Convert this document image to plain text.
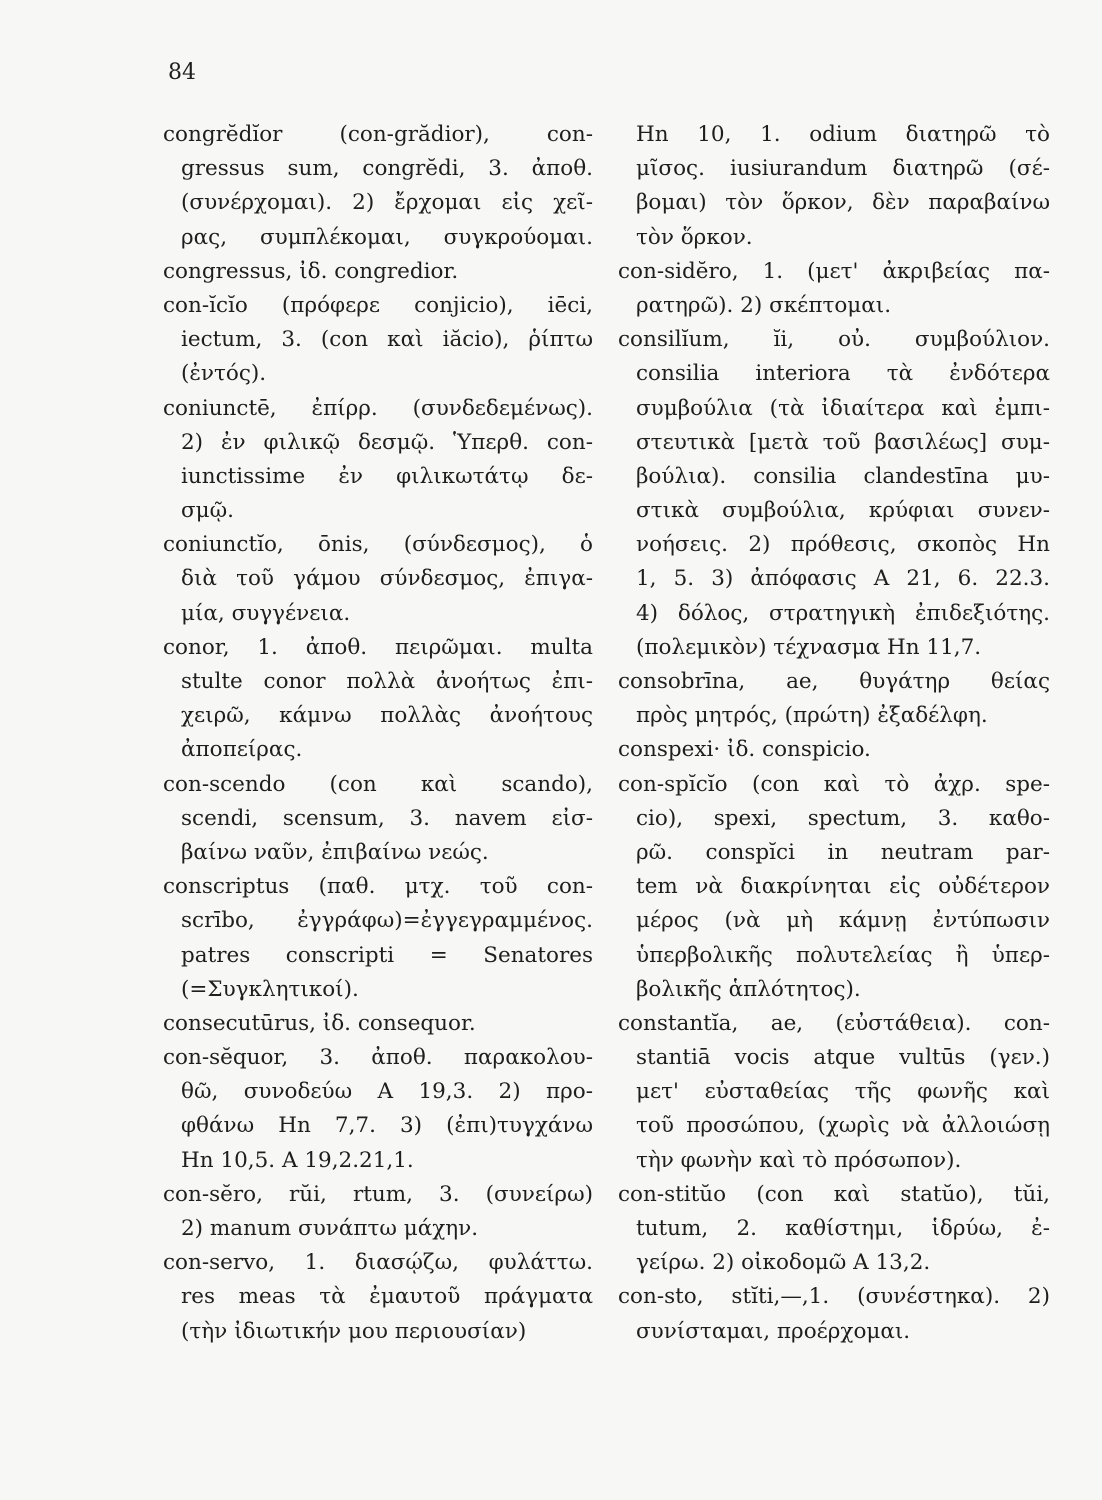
84
congrĕdĭor (con-grădior), con-
gressus sum, congrĕdi, 3. ἀποθ.
(συνέρχομαι). 2) ἔρχομαι εἰς χεῖ-
ρας, συμπλέκομαι, συγκρούομαι.
congressus, ἰδ. congredior.
con-ĭcĭo (πρόφερε conjicio), iēci,
iectum, 3. (con καὶ iăcio), ῥίπτω
(ἐντός).
coniunctē, ἐπίρρ. (συνδεδεμένως).
2) ἐν φιλικῷ δεσμῷ. Ὑπερθ. con-
iunctissime ἐν φιλικωτάτῳ δε-
σμῷ.
coniunctĭo, ōnis, (σύνδεσμος), ὁ
διὰ τοῦ γάμου σύνδεσμος, ἐπιγα-
μία, συγγένεια.
conor, 1. ἀποθ. πειρῶμαι. multa
stulte conor πολλὰ ἀνοήτως ἐπι-
χειρῶ, κάμνω πολλὰς ἀνοήτους
ἀποπείρας.
con-scendo (con καὶ scando),
scendi, scensum, 3. navem εἰσ-
βαίνω ναῦν, ἐπιβαίνω νεώς.
conscriptus (παθ. μτχ. τοῦ con-
scrībo, ἐγγράφω)=ἐγγεγραμμένος.
patres conscripti = Senatores
(=Συγκλητικοί).
consecutūrus, ἰδ. consequor.
con-sĕquor, 3. ἀποθ. παρακολου-
θῶ, συνοδεύω Α 19,3. 2) προ-
φθάνω Hn 7,7. 3) (ἐπι)τυγχάνω
Hn 10,5. A 19,2.21,1.
con-sĕro, rŭi, rtum, 3. (συνείρω)
2) manum συνάπτω μάχην.
con-servo, 1. διασῴζω, φυλάττω.
res meas τὰ ἐμαυτοῦ πράγματα
(τὴν ἰδιωτικήν μου περιουσίαν)
Hn 10, 1. odium διατηρῶ τὸ
μῖσος. iusiurandum διατηρῶ (σέ-
βομαι) τὸν ὅρκον, δὲν παραβαίνω
τὸν ὅρκον.
con-sidĕro, 1. (μετ' ἀκριβείας πα-
ρατηρῶ). 2) σκέπτομαι.
consilĭum, ĭi, οὐ. συμβούλιον.
consilia interiora τὰ ἐνδότερα
συμβούλια (τὰ ἰδιαίτερα καὶ ἐμπι-
στευτικὰ [μετὰ τοῦ βασιλέως] συμ-
βούλια). consilia clandestīna μυ-
στικὰ συμβούλια, κρύφιαι συνεν-
νοήσεις. 2) πρόθεσις, σκοπὸς Hn
1, 5. 3) ἀπόφασις A 21, 6. 22.3.
4) δόλος, στρατηγικὴ ἐπιδεξιότης.
(πολεμικὸν) τέχνασμα Hn 11,7.
consobrīna, ae, θυγάτηρ θείας
πρὸς μητρός, (πρώτη) ἐξαδέλφη.
conspexi· ἰδ. conspicio.
con-spĭcĭo (con καὶ τὸ ἀχρ. spe-
cio), spexi, spectum, 3. καθο-
ρῶ. conspĭci in neutram par-
tem νὰ διακρίνηται εἰς οὐδέτερον
μέρος (νὰ μὴ κάμνῃ ἐντύπωσιν
ὑπερβολικῆς πολυτελείας ἢ ὑπερ-
βολικῆς ἁπλότητος).
constantĭa, ae, (εὐστάθεια). con-
stantiā vocis atque vultūs (γεν.)
μετ' εὐσταθείας τῆς φωνῆς καὶ
τοῦ προσώπου, (χωρὶς νὰ ἀλλοιώσῃ
τὴν φωνὴν καὶ τὸ πρόσωπον).
con-stitŭo (con καὶ statŭo), tŭi,
tutum, 2. καθίστημι, ἱδρύω, ἐ-
γείρω. 2) οἰκοδομῶ Α 13,2.
con-sto, stĭti,—,1. (συνέστηκα). 2)
συνίσταμαι, προέρχομαι.
